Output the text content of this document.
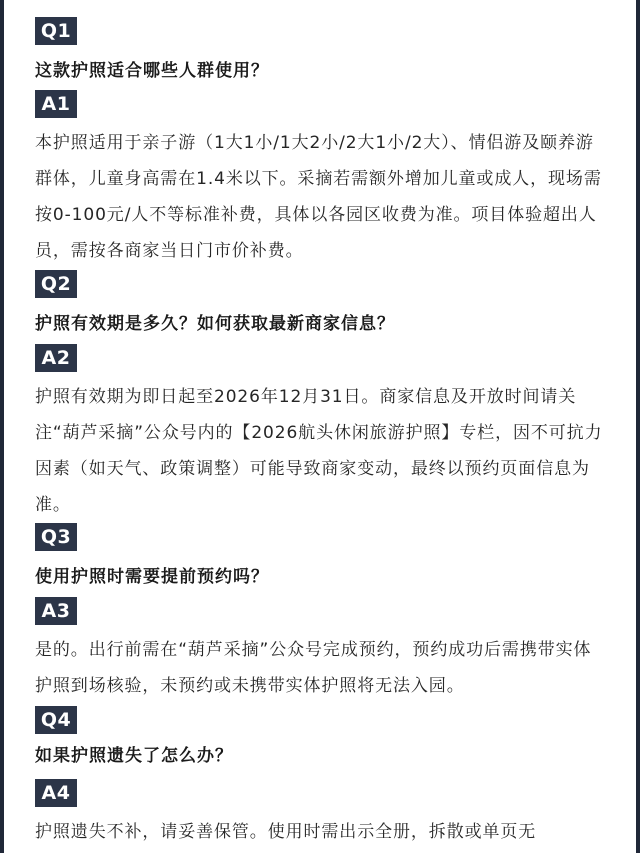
Q1
这款护照适合哪些人群使用？
A1

本护照适用于亲子游（1大1小/1大2小/2大1小/2大）、情侣游及颐养游群体，儿童身高需在1.4米以下。采摘若需额外增加儿童或成人，现场需按0-100元/人不等标准补费，具体以各园区收费为准。项目体验超出人员，需按各商家当日门市价补费。

Q2
护照有效期是多久？如何获取最新商家信息？
A2

护照有效期为即日起至2026年12月31日。商家信息及开放时间请关注“葫芦采摘”公众号内的【2026航头休闲旅游护照】专栏，因不可抗力因素（如天气、政策调整）可能导致商家变动，最终以预约页面信息为准。

Q3
使用护照时需要提前预约吗？
A3

是的。出行前需在“葫芦采摘”公众号完成预约，预约成功后需携带实体护照到场核验，未预约或未携带实体护照将无法入园。

Q4
如果护照遗失了怎么办？
A4

护照遗失不补，请妥善保管。使用时需出示全册，拆散或单页无
